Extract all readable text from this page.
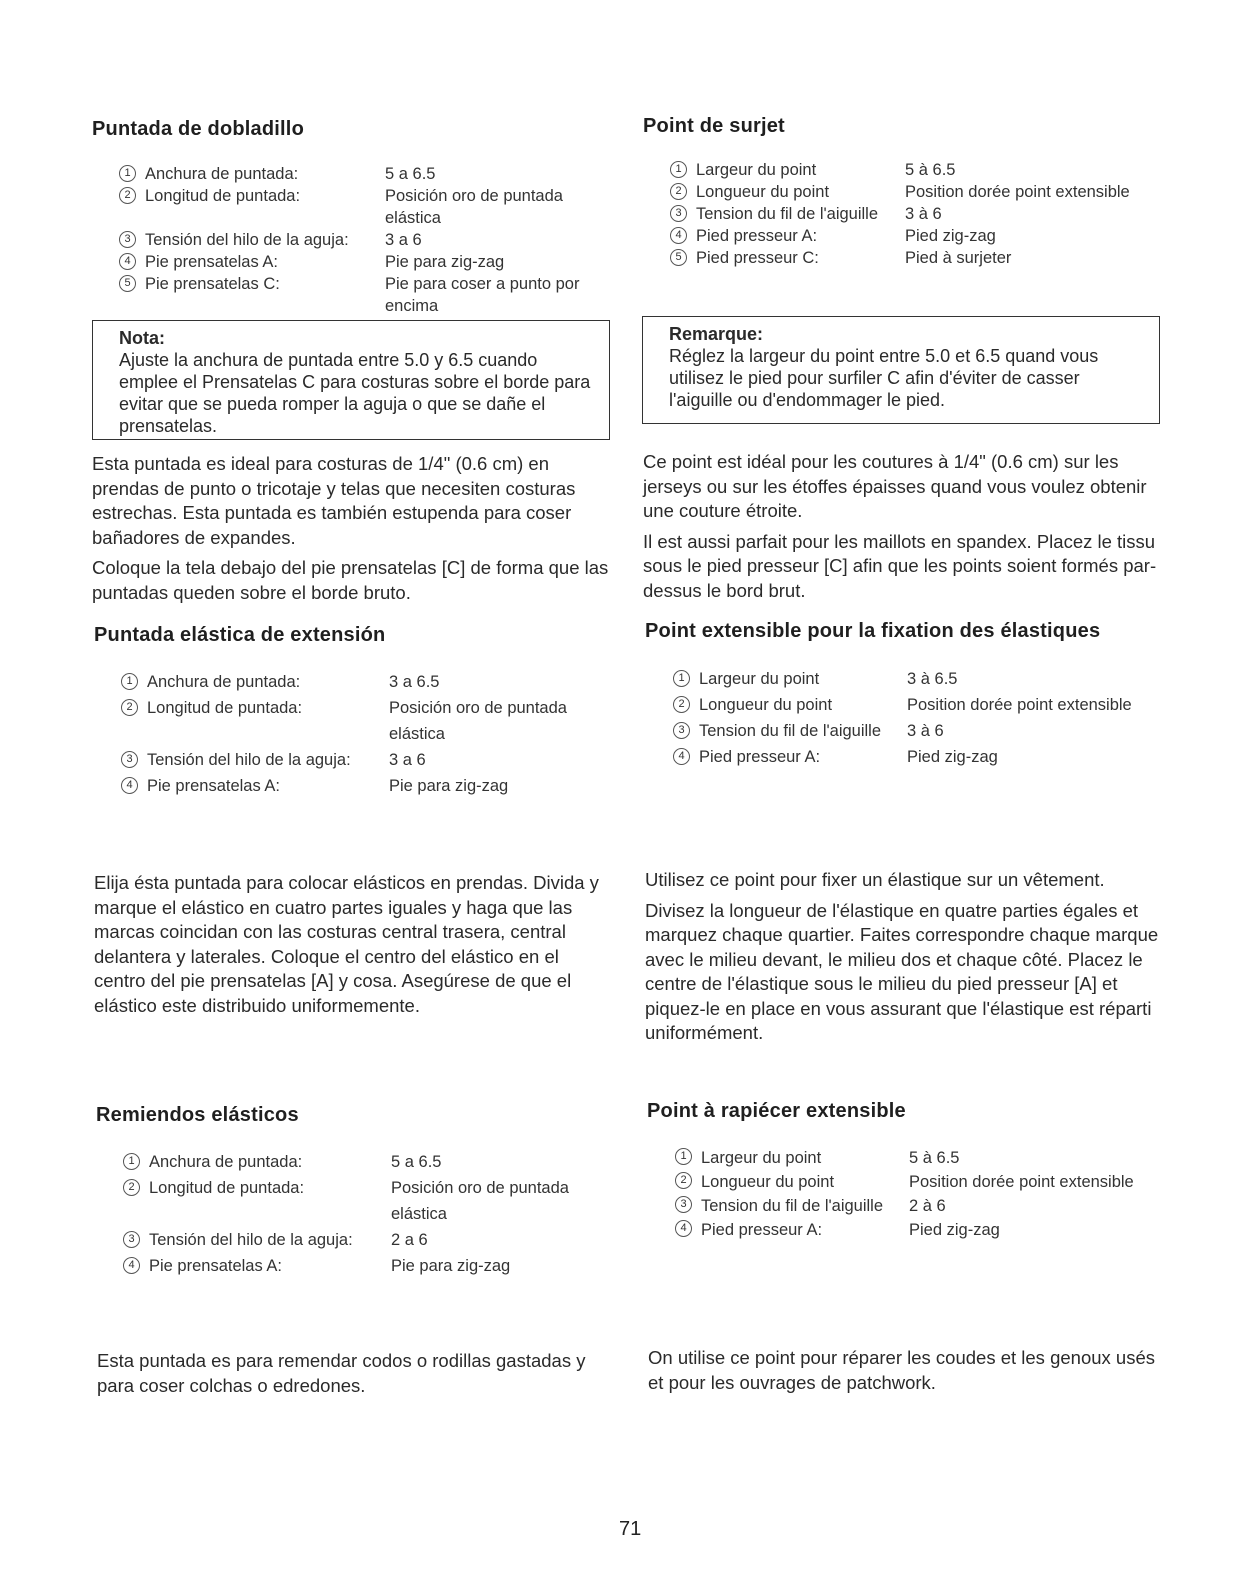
Puntada de dobladillo
1 Anchura de puntada:	5 a 6.5
2 Longitud de puntada:	Posición oro de puntada elástica
3 Tensión del hilo de la aguja: 3 a 6
4 Pie prensatelas A:	Pie para zig-zag
5 Pie prensatelas C:	Pie para coser a punto por encima
Nota:
Ajuste la anchura de puntada entre 5.0 y 6.5 cuando emplee el Prensatelas C para costuras sobre el borde para evitar que se pueda romper la aguja o que se dañe el prensatelas.

Esta puntada es ideal para costuras de 1/4" (0.6 cm) en prendas de punto o tricotaje y telas que necesiten costuras estrechas. Esta puntada es también estupenda para coser bañadores de expandes.

Coloque la tela debajo del pie prensatelas [C] de forma que las puntadas queden sobre el borde bruto.

Puntada elástica de extensión
1 Anchura de puntada:	3 a 6.5
2 Longitud de puntada:	Posición oro de puntada elástica
3 Tensión del hilo de la aguja: 3 a 6
4 Pie prensatelas A:	Pie para zig-zag

Elija ésta puntada para colocar elásticos en prendas. Divida y marque el elástico en cuatro partes iguales y haga que las marcas coincidan con las costuras central trasera, central delantera y laterales. Coloque el centro del elástico en el centro del pie prensatelas [A] y cosa. Asegúrese de que el elástico este distribuido uniformemente.

Remiendos elásticos
1 Anchura de puntada:	5 a 6.5
2 Longitud de puntada:	Posición oro de puntada elástica
3 Tensión del hilo de la aguja: 2 a 6
4 Pie prensatelas A:	Pie para zig-zag

Esta puntada es para remendar codos o rodillas gastadas y para coser colchas o edredones.

Point de surjet
1 Largeur du point	5 à 6.5
2 Longueur du point	Position dorée point extensible
3 Tension du fil de l'aiguille 3 à 6
4 Pied presseur A:	Pied zig-zag
5 Pied presseur C:	Pied à surjeter
Remarque:
Réglez la largeur du point entre 5.0 et 6.5 quand vous utilisez le pied pour surfiler C afin d'éviter de casser l'aiguille ou d'endommager le pied.

Ce point est idéal pour les coutures à 1/4" (0.6 cm) sur les jerseys ou sur les étoffes épaisses quand vous voulez obtenir une couture étroite.

Il est aussi parfait pour les maillots en spandex. Placez le tissu sous le pied presseur [C] afin que les points soient formés par-dessus le bord brut.

Point extensible pour la fixation des élastiques
1 Largeur du point	3 à 6.5
2 Longueur du point	Position dorée point extensible
3 Tension du fil de l'aiguille 3 à 6
4 Pied presseur A:	Pied zig-zag

Utilisez ce point pour fixer un élastique sur un vêtement.

Divisez la longueur de l'élastique en quatre parties égales et marquez chaque quartier. Faites correspondre chaque marque avec le milieu devant, le milieu dos et chaque côté. Placez le centre de l'élastique sous le milieu du pied presseur [A] et piquez-le en place en vous assurant que l'élastique est réparti uniformément.

Point à rapiécer extensible
1 Largeur du point	5 à 6.5
2 Longueur du point	Position dorée point extensible
3 Tension du fil de l'aiguille 2 à 6
4 Pied presseur A:	Pied zig-zag

On utilise ce point pour réparer les coudes et les genoux usés et pour les ouvrages de patchwork.

71
